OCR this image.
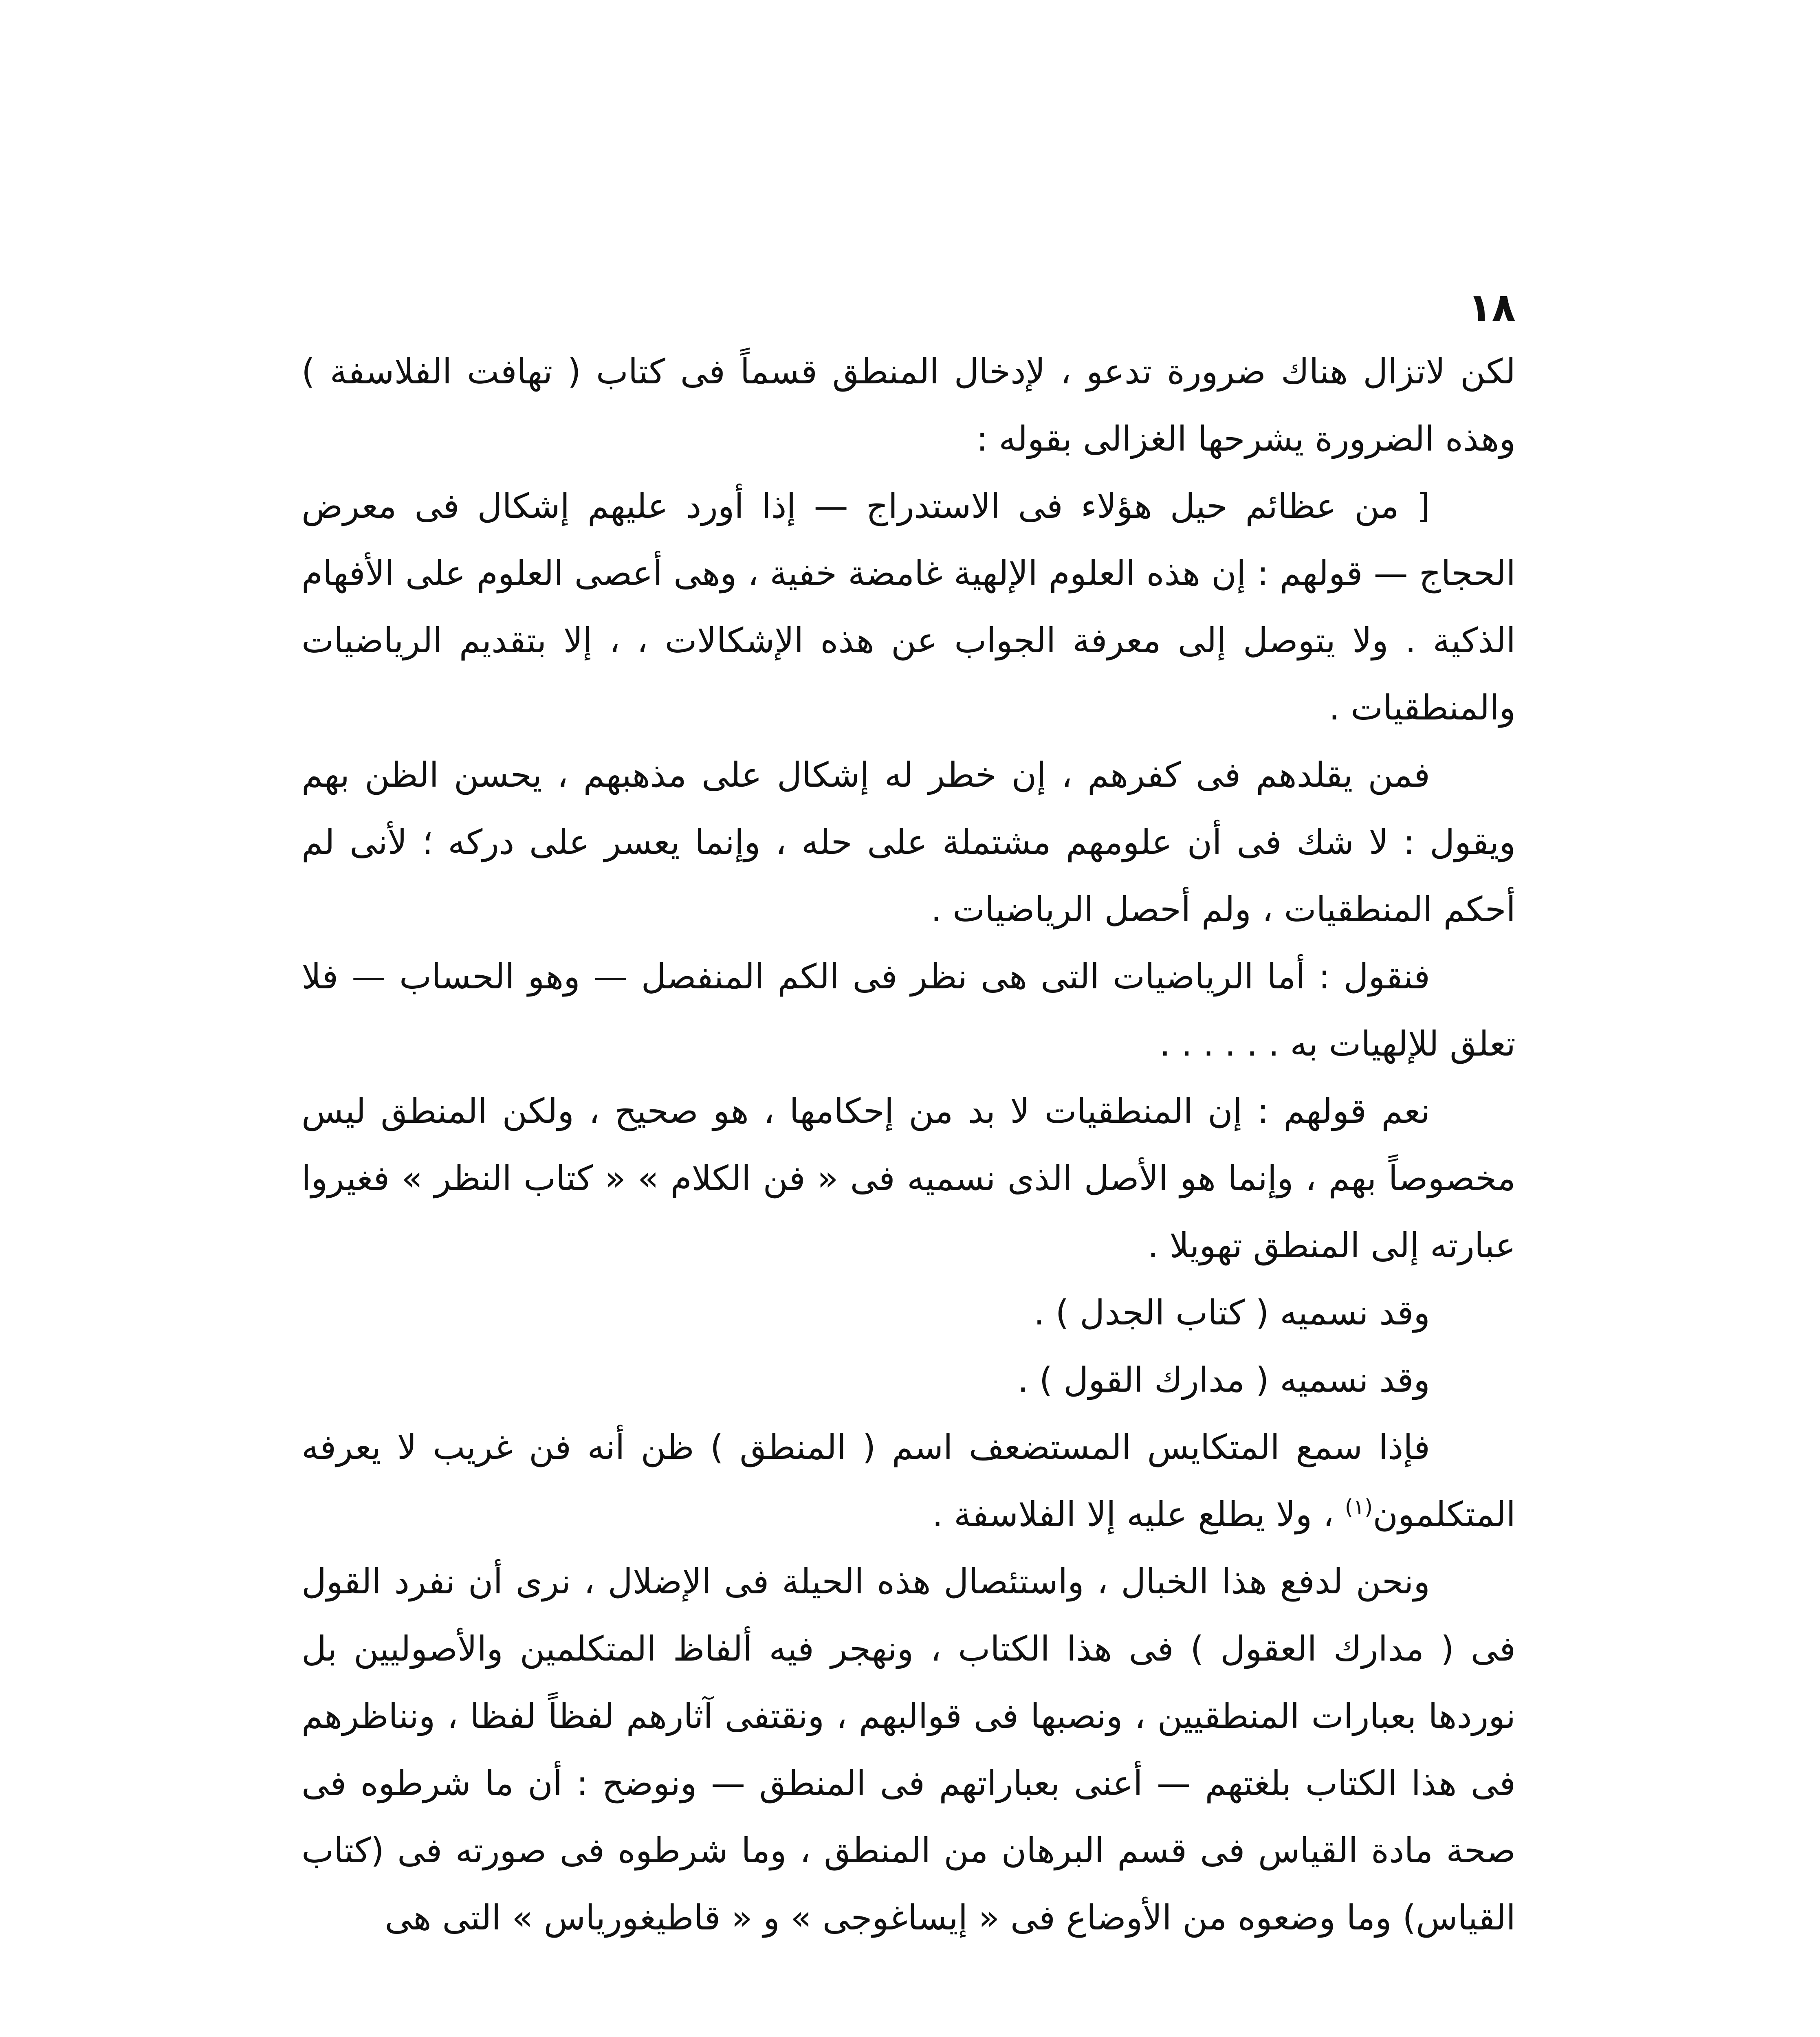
١٨

لكن لاتزال هناك ضرورة تدعو ، لإدخال المنطق قسماً فى كتاب ( تهافت الفلاسفة ) وهذه الضرورة يشرحها الغزالى بقوله :

[ من عظائم حيل هؤلاء فى الاستدراج — إذا أورد عليهم إشكال فى معرض الحجاج — قولهم : إن هذه العلوم الإلهية غامضة خفية ، وهى أعصى العلوم على الأفهام الذكية . ولا يتوصل إلى معرفة الجواب عن هذه الإشكالات ، ، إلا بتقديم الرياضيات والمنطقيات .

فمن يقلدهم فى كفرهم ، إن خطر له إشكال على مذهبهم ، يحسن الظن بهم ويقول : لا شك فى أن علومهم مشتملة على حله ، وإنما يعسر على دركه ؛ لأنى لم أحكم المنطقيات ، ولم أحصل الرياضيات .

فنقول : أما الرياضيات التى هى نظر فى الكم المنفصل — وهو الحساب — فلا تعلق للإلهيات به . . . . . .

نعم قولهم : إن المنطقيات لا بد من إحكامها ، هو صحيح ، ولكن المنطق ليس مخصوصاً بهم ، وإنما هو الأصل الذى نسميه فى « فن الكلام » « كتاب النظر » فغيروا عبارته إلى المنطق تهويلا .

وقد نسميه ( كتاب الجدل ) .

وقد نسميه ( مدارك القول ) .

فإذا سمع المتكايس المستضعف اسم ( المنطق ) ظن أنه فن غريب لا يعرفه المتكلمون$^{(١)}$ ، ولا يطلع عليه إلا الفلاسفة .

ونحن لدفع هذا الخبال ، واستئصال هذه الحيلة فى الإضلال ، نرى أن نفرد القول فى ( مدارك العقول ) فى هذا الكتاب ، ونهجر فيه ألفاظ المتكلمين والأصوليين بل نوردها بعبارات المنطقيين ، ونصبها فى قوالبهم ، ونقتفى آثارهم لفظاً لفظا ، ونناظرهم فى هذا الكتاب بلغتهم — أعنى بعباراتهم فى المنطق — ونوضح : أن ما شرطوه فى صحة مادة القياس فى قسم البرهان من المنطق ، وما شرطوه فى صورته فى (كتاب القياس) وما وضعوه من الأوضاع فى « إيساغوجى » و « قاطيغورياس » التى هى
